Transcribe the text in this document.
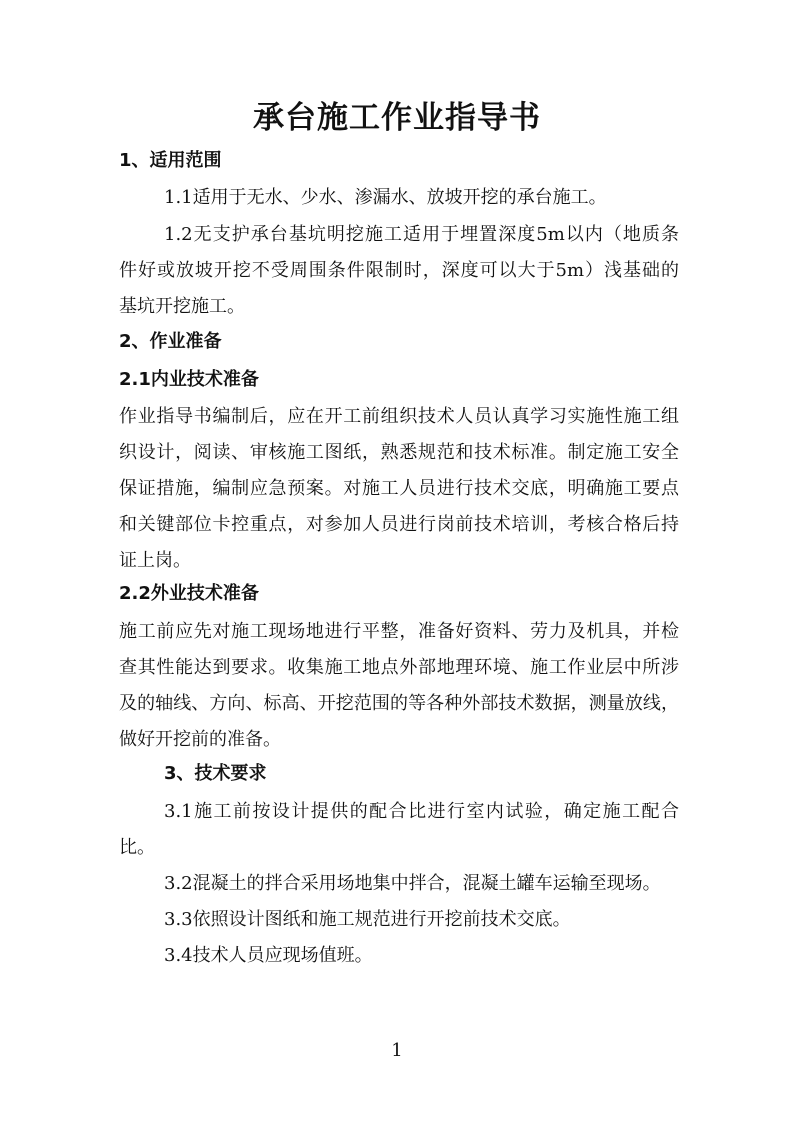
承台施工作业指导书

1、适用范围

1.1适用于无水、少水、渗漏水、放坡开挖的承台施工。

1.2无支护承台基坑明挖施工适用于埋置深度5m以内（地质条

件好或放坡开挖不受周围条件限制时，深度可以大于5m）浅基础的

基坑开挖施工。

2、作业准备

2.1内业技术准备

作业指导书编制后，应在开工前组织技术人员认真学习实施性施工组

织设计，阅读、审核施工图纸，熟悉规范和技术标准。制定施工安全

保证措施，编制应急预案。对施工人员进行技术交底，明确施工要点

和关键部位卡控重点，对参加人员进行岗前技术培训，考核合格后持

证上岗。

2.2外业技术准备

施工前应先对施工现场地进行平整，准备好资料、劳力及机具，并检

查其性能达到要求。收集施工地点外部地理环境、施工作业层中所涉

及的轴线、方向、标高、开挖范围的等各种外部技术数据，测量放线，

做好开挖前的准备。

3、技术要求

3.1施工前按设计提供的配合比进行室内试验，确定施工配合

比。

3.2混凝土的拌合采用场地集中拌合，混凝土罐车运输至现场。

3.3依照设计图纸和施工规范进行开挖前技术交底。

3.4技术人员应现场值班。

1
